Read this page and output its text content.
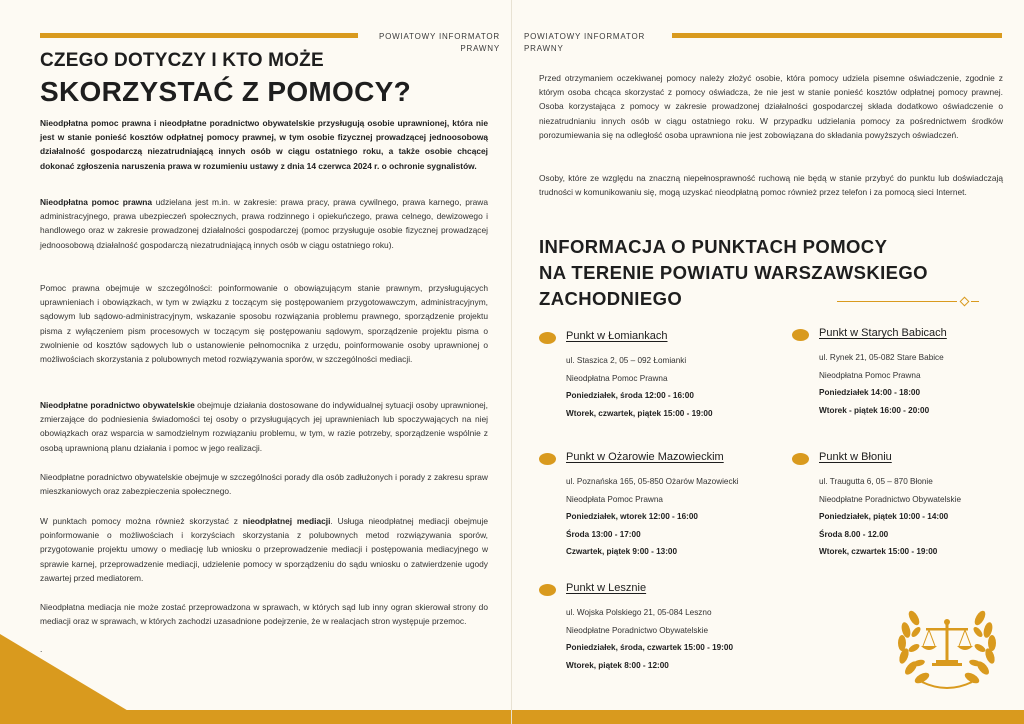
POWIATOWY INFORMATOR
PRAWNY
CZEGO DOTYCZY I KTO MOŻE
SKORZYSTAĆ Z POMOCY?
Nieodpłatna pomoc prawna i nieodpłatne poradnictwo obywatelskie przysługują osobie uprawnionej, która nie jest w stanie ponieść kosztów odpłatnej pomocy prawnej, w tym osobie fizycznej prowadzącej jednoosobową działalność gospodarczą niezatrudniającą innych osób w ciągu ostatniego roku, a także osobie chcącej dokonać zgłoszenia naruszenia prawa w rozumieniu ustawy z dnia 14 czerwca 2024 r. o ochronie sygnalistów.
Nieodpłatna pomoc prawna udzielana jest m.in. w zakresie: prawa pracy, prawa cywilnego, prawa karnego, prawa administracyjnego, prawa ubezpieczeń społecznych, prawa rodzinnego i opiekuńczego, prawa celnego, dewizowego i handlowego oraz w zakresie prowadzonej działalności gospodarczej (pomoc przysługuje osobie fizycznej prowadzącej jednoosobową działalność gospodarczą niezatrudniającą innych osób w ciągu ostatniego roku).
Pomoc prawna obejmuje w szczególności: poinformowanie o obowiązującym stanie prawnym, przysługujących uprawnieniach i obowiązkach, w tym w związku z toczącym się postępowaniem przygotowawczym, administracyjnym, sądowym lub sądowo-administracyjnym, wskazanie sposobu rozwiązania problemu prawnego, sporządzenie projektu pisma z wyłączeniem pism procesowych w toczącym się postępowaniu sądowym, sporządzenie projektu pisma o zwolnienie od kosztów sądowych lub o ustanowienie pełnomocnika z urzędu, poinformowanie osoby uprawnionej o możliwościach skorzystania z polubownych metod rozwiązywania sporów, w szczególności mediacji.
Nieodpłatne poradnictwo obywatelskie obejmuje działania dostosowane do indywidualnej sytuacji osoby uprawnionej, zmierzające do podniesienia świadomości tej osoby o przysługujących jej uprawnieniach lub spoczywających na niej obowiązkach oraz wsparcia w samodzielnym rozwiązaniu problemu, w tym, w razie potrzeby, sporządzenie wspólnie z osobą uprawnioną planu działania i pomoc w jego realizacji.
Nieodpłatne poradnictwo obywatelskie obejmuje w szczególności porady dla osób zadłużonych i porady z zakresu spraw mieszkaniowych oraz zabezpieczenia społecznego.
W punktach pomocy można również skorzystać z nieodpłatnej mediacji. Usługa nieodpłatnej mediacji obejmuje poinformowanie o możliwościach i korzyściach skorzystania z polubownych metod rozwiązywania sporów, przygotowanie projektu umowy o mediację lub wniosku o przeprowadzenie mediacji i postępowania mediacyjnego w sprawie karnej, przeprowadzenie mediacji, udzielenie pomocy w sporządzeniu do sądu wniosku o zatwierdzenie ugody zawartej przed mediatorem.
Nieodpłatna mediacja nie może zostać przeprowadzona w sprawach, w których sąd lub inny ogran skierował strony do mediacji oraz w sprawach, w których zachodzi uzasadnione podejrzenie, że w realacjach stron występuje przemoc.
.
POWIATOWY INFORMATOR
PRAWNY
Przed otrzymaniem oczekiwanej pomocy należy złożyć osobie, która pomocy udziela pisemne oświadczenie, zgodnie z którym osoba chcąca skorzystać z pomocy oświadcza, że nie jest w stanie ponieść kosztów odpłatnej pomocy prawnej. Osoba korzystająca z pomocy w zakresie prowadzonej działalności gospodarczej składa dodatkowo oświadczenie o niezatrudnianiu innych osób w ciągu ostatniego roku. W przypadku udzielania pomocy za pośrednictwem środków porozumiewania się na odległość osoba uprawniona nie jest zobowiązana do składania powyższych oświadczeń.
Osoby, które ze względu na znaczną niepełnosprawność ruchową nie będą w stanie przybyć do punktu lub doświadczają trudności w komunikowaniu się, mogą uzyskać nieodpłatną pomoc również przez telefon i za pomocą sieci Internet.
INFORMACJA O PUNKTACH POMOCY
NA TERENIE POWIATU WARSZAWSKIEGO
ZACHODNIEGO
Punkt w Łomiankach
ul. Staszica 2, 05 – 092 Łomianki
Nieodpłatna Pomoc Prawna
Poniedziałek, środa 12:00 - 16:00
Wtorek, czwartek, piątek 15:00 - 19:00
Punkt w Starych Babicach
ul. Rynek 21, 05-082 Stare Babice
Nieodpłatna Pomoc Prawna
Poniedziałek 14:00 - 18:00
Wtorek - piątek 16:00 - 20:00
Punkt w Ożarowie Mazowieckim
ul. Poznańska 165, 05-850 Ożarów Mazowiecki
Nieodpłata Pomoc Prawna
Poniedziałek, wtorek 12:00 - 16:00
Środa 13:00 - 17:00
Czwartek, piątek 9:00 - 13:00
Punkt w Błoniu
ul. Traugutta 6, 05 – 870 Błonie
Nieodpłatne Poradnictwo Obywatelskie
Poniedziałek, piątek 10:00 - 14:00
Środa 8.00 - 12.00
Wtorek, czwartek 15:00 - 19:00
Punkt w Lesznie
ul. Wojska Polskiego 21, 05-084 Leszno
Nieodpłatne Poradnictwo Obywatelskie
Poniedziałek, środa, czwartek 15:00 - 19:00
Wtorek, piątek 8:00 - 12:00
